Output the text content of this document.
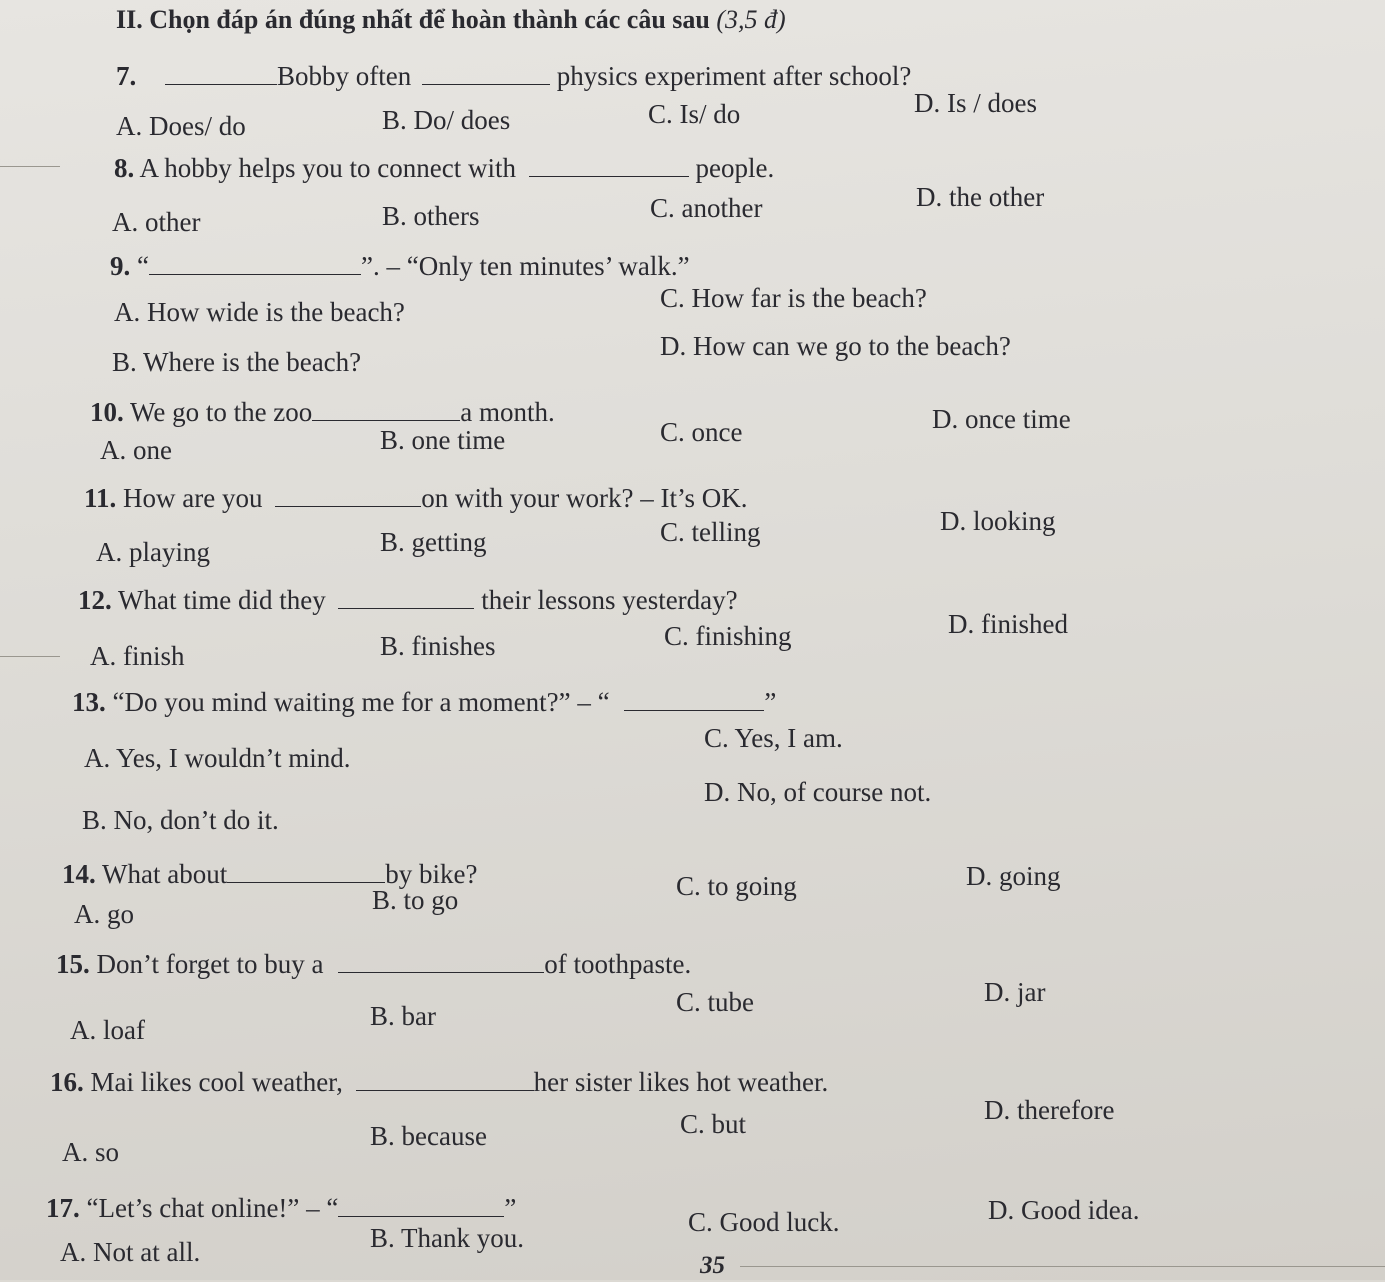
II. Chọn đáp án đúng nhất để hoàn thành các câu sau (3,5 đ)
7.	Bobby often	physics experiment after school?
A. Does/ do	B. Do/ does	C. Is/ do	D. Is / does
8. A hobby helps you to connect with	people.
A. other	B. others	C. another	D. the other
9. “	”. – “Only ten minutes’ walk.”
A. How wide is the beach?	C. How far is the beach?
B. Where is the beach?
D. How can we go to the beach?
10. We go to the zoo	a month.
A. one	B. one time	C. once	D. once time
11. How are you	on with your work? – It’s OK.
A. playing	B. getting	C. telling	D. looking
12. What time did they	their lessons yesterday?
A. finish	B. finishes	C. finishing	D. finished
13. “Do you mind waiting me for a moment?” – “	”
A. Yes, I wouldn’t mind.
C. Yes, I am.
B. No, don’t do it.
D. No, of course not.
14. What about	by bike?
A. go	B. to go	C. to going	D. going
15. Don’t forget to buy a	of toothpaste.
A. loaf	B. bar	C. tube	D. jar
16. Mai likes cool weather,	her sister likes hot weather.
A. so
B. because	C. but	D. therefore
17. “Let’s chat online!” – “	”
A. Not at all.	B. Thank you.
C. Good luck.	D. Good idea.
35
